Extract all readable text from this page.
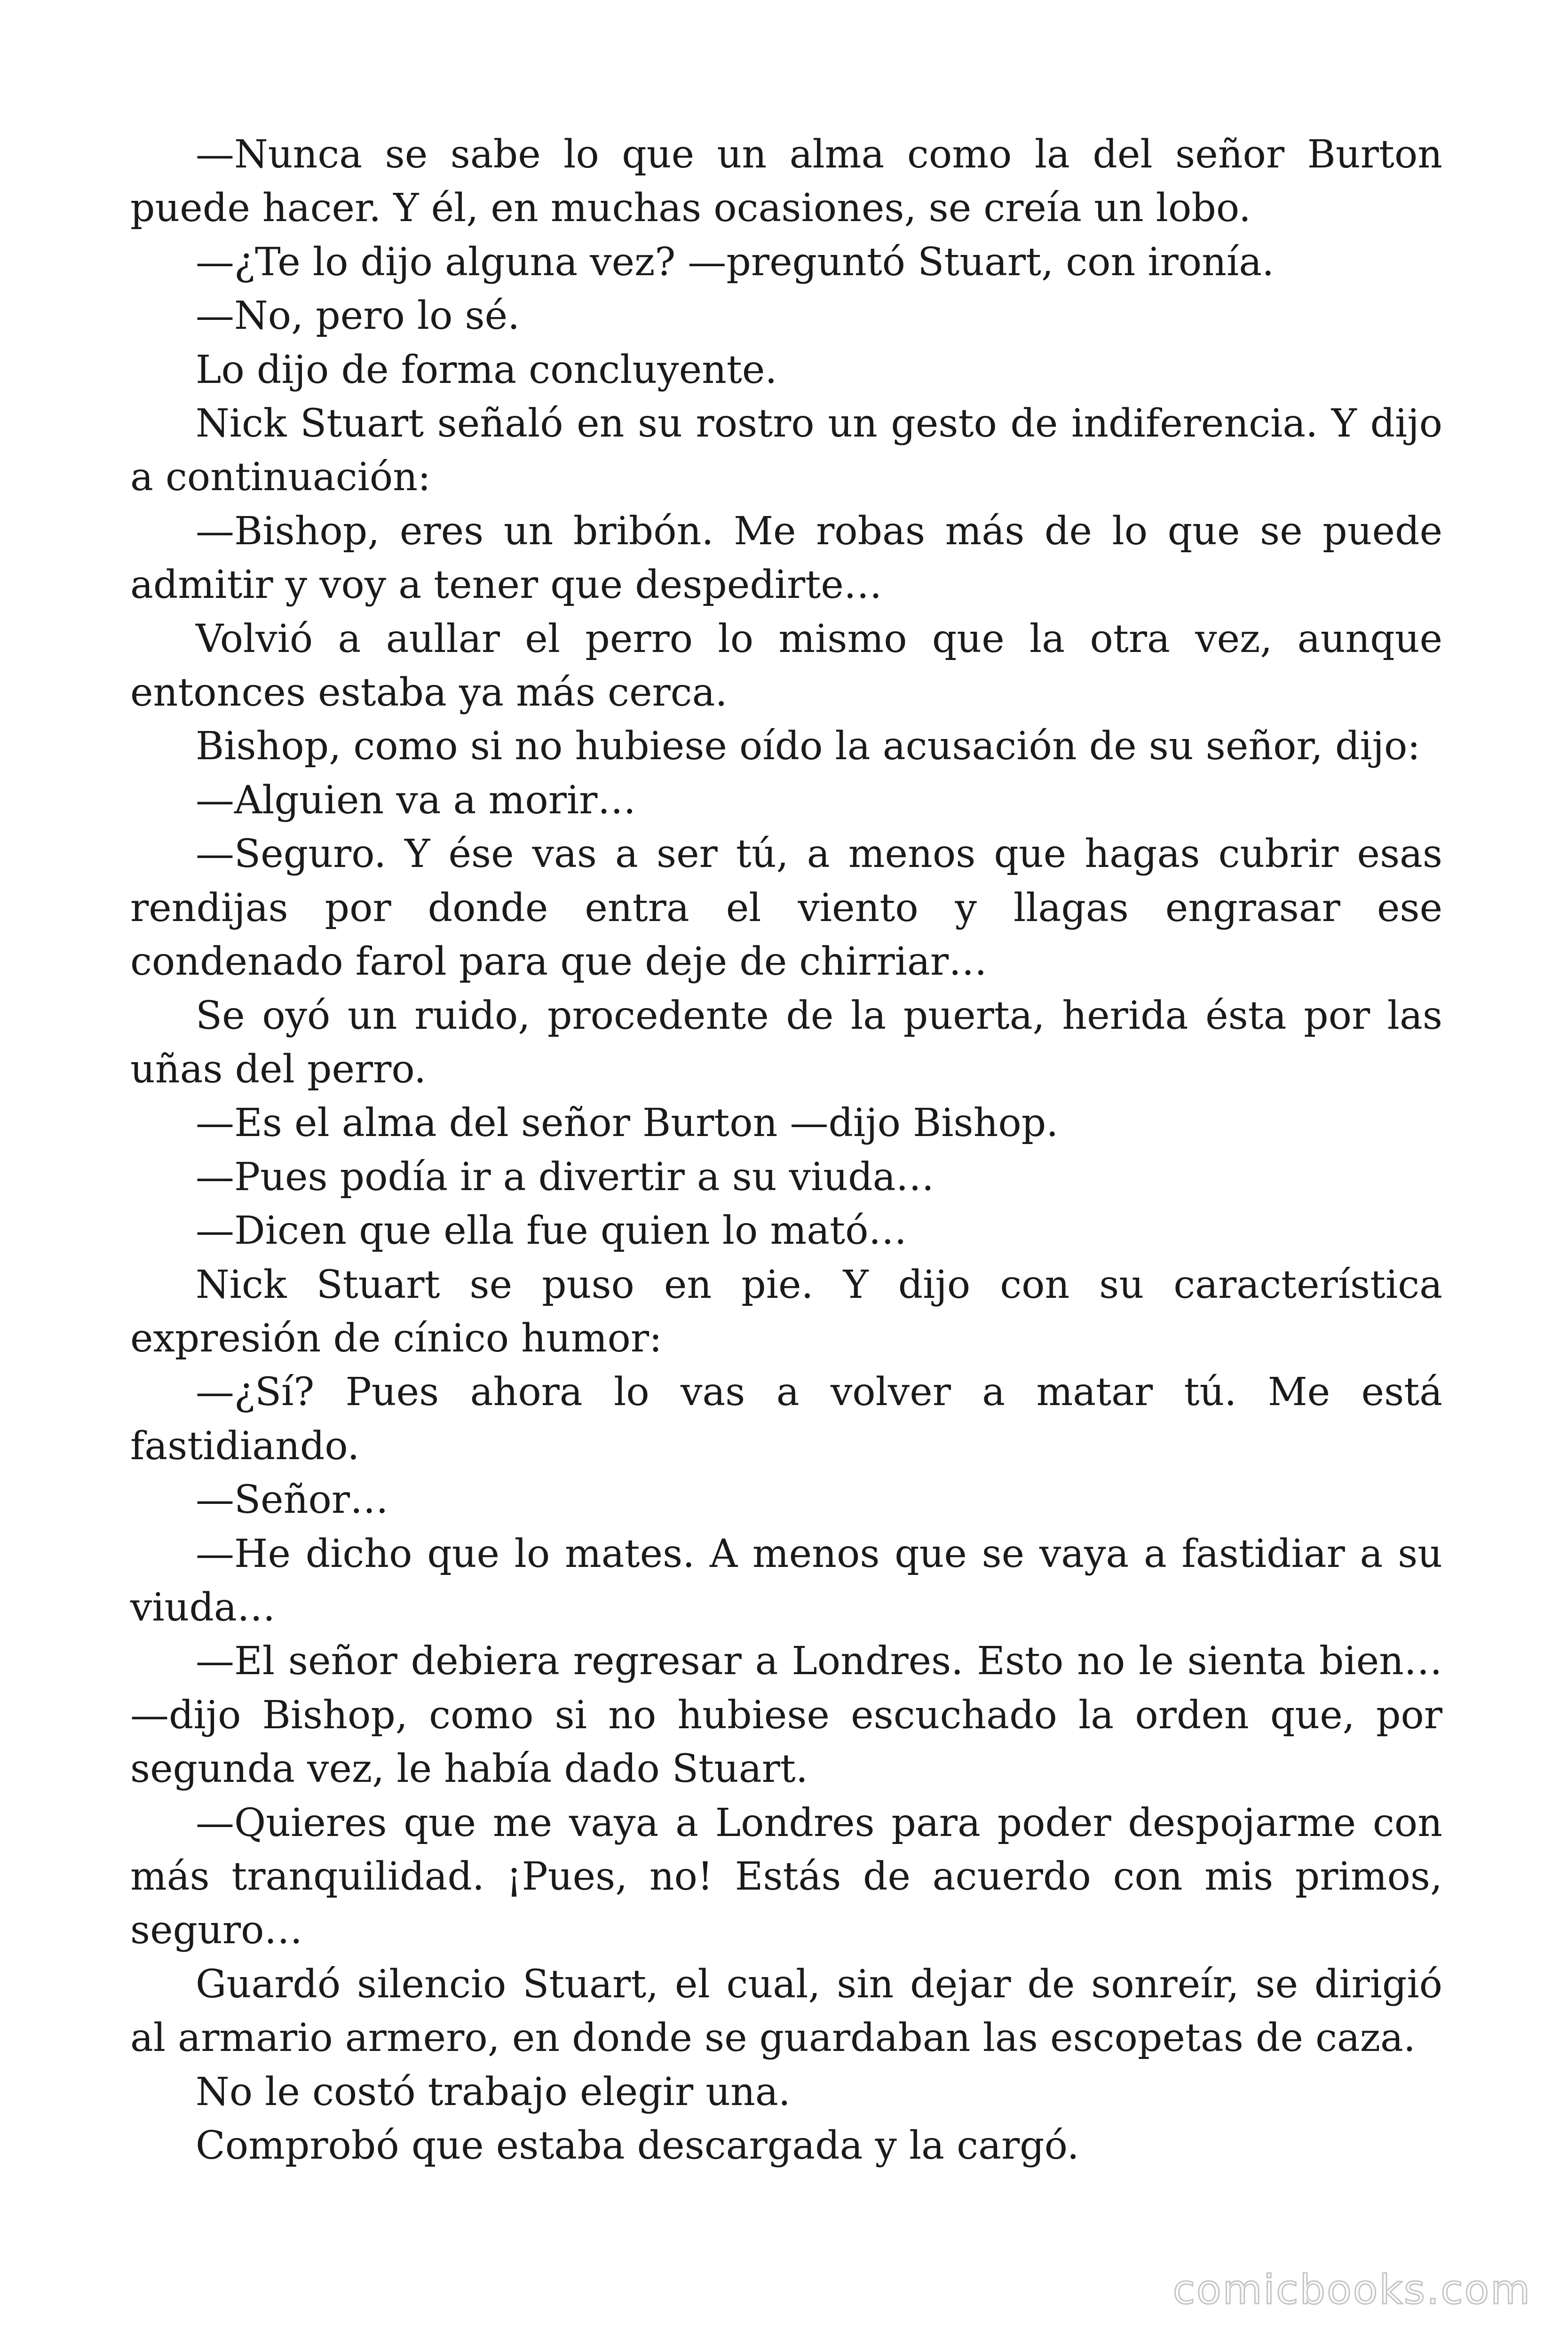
—Nunca se sabe lo que un alma como la del señor Burton puede hacer. Y él, en muchas ocasiones, se creía un lobo.

—¿Te lo dijo alguna vez? —preguntó Stuart, con ironía.

—No, pero lo sé.

Lo dijo de forma concluyente.

Nick Stuart señaló en su rostro un gesto de indiferencia. Y dijo a continuación:

—Bishop, eres un bribón. Me robas más de lo que se puede admitir y voy a tener que despedirte…

Volvió a aullar el perro lo mismo que la otra vez, aunque entonces estaba ya más cerca.

Bishop, como si no hubiese oído la acusación de su señor, dijo:

—Alguien va a morir…

—Seguro. Y ése vas a ser tú, a menos que hagas cubrir esas rendijas por donde entra el viento y llagas engrasar ese condenado farol para que deje de chirriar…

Se oyó un ruido, procedente de la puerta, herida ésta por las uñas del perro.

—Es el alma del señor Burton —dijo Bishop.

—Pues podía ir a divertir a su viuda…

—Dicen que ella fue quien lo mató…

Nick Stuart se puso en pie. Y dijo con su característica expresión de cínico humor:

—¿Sí? Pues ahora lo vas a volver a matar tú. Me está fastidiando.

—Señor…

—He dicho que lo mates. A menos que se vaya a fastidiar a su viuda…

—El señor debiera regresar a Londres. Esto no le sienta bien… —dijo Bishop, como si no hubiese escuchado la orden que, por segunda vez, le había dado Stuart.

—Quieres que me vaya a Londres para poder despojarme con más tranquilidad. ¡Pues, no! Estás de acuerdo con mis primos, seguro…

Guardó silencio Stuart, el cual, sin dejar de sonreír, se dirigió al armario armero, en donde se guardaban las escopetas de caza.

No le costó trabajo elegir una.

Comprobó que estaba descargada y la cargó.

comicbooks.com
